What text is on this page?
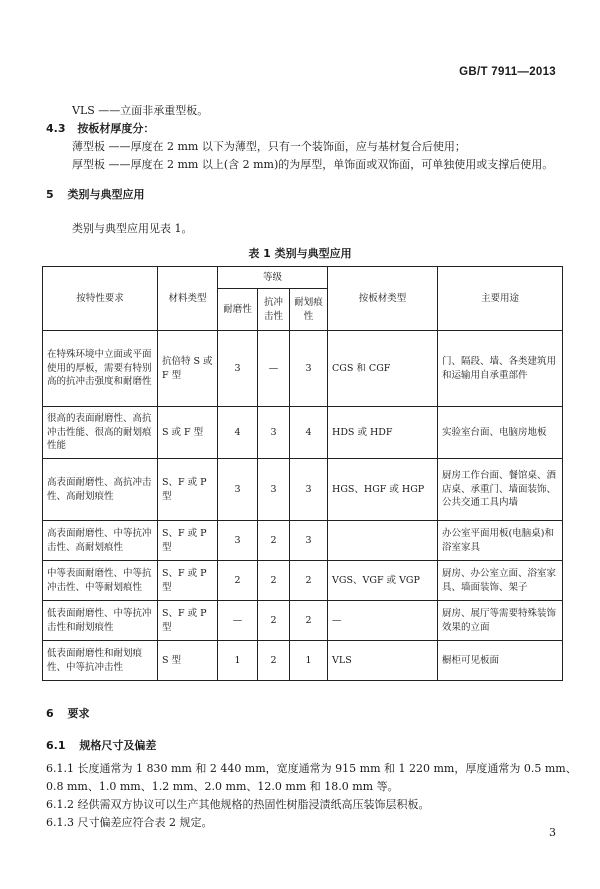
GB/T 7911—2013
VLS ——立面非承重型板。
4.3 按板材厚度分：
薄型板 ——厚度在 2 mm 以下为薄型，只有一个装饰面，应与基材复合后使用；
厚型板 ——厚度在 2 mm 以上(含 2 mm)的为厚型，单饰面或双饰面，可单独使用或支撑后使用。
5 类别与典型应用
类别与典型应用见表 1。
表 1 类别与典型应用
按特性要求	材料类型	等级			按板材类型	主要用途
		耐磨性	抗冲击性	耐划痕性		
在特殊环境中立面或平面使用的厚板，需要有特别高的抗冲击强度和耐磨性	抗倍特 S 或 F 型	3	—	3	CGS 和 CGF	门、隔段、墙、各类建筑用和运输用自承重部件
很高的表面耐磨性、高抗冲击性能、很高的耐划痕性能	S 或 F 型	4	3	4	HDS 或 HDF	实验室台面、电脑房地板
高表面耐磨性、高抗冲击性、高耐划痕性	S、F 或 P 型	3	3	3	HGS、HGF 或 HGP	厨房工作台面、餐馆桌、酒店桌、承重门、墙面装饰、公共交通工具内墙
高表面耐磨性、中等抗冲击性、高耐划痕性	S、F 或 P 型	3	2	3		办公室平面用板(电脑桌)和浴室家具
中等表面耐磨性、中等抗冲击性、中等耐划痕性	S、F 或 P 型	2	2	2	VGS、VGF 或 VGP	厨房、办公室立面、浴室家具、墙面装饰、架子
低表面耐磨性、中等抗冲击性和耐划痕性	S、F 或 P 型	—	2	2	—	厨房、展厅等需要特殊装饰效果的立面
低表面耐磨性和耐划痕性、中等抗冲击性	S 型	1	2	1	VLS	橱柜可见板面
6 要求
6.1 规格尺寸及偏差
6.1.1 长度通常为 1 830 mm 和 2 440 mm，宽度通常为 915 mm 和 1 220 mm，厚度通常为 0.5 mm、
0.8 mm、1.0 mm、1.2 mm、2.0 mm、12.0 mm 和 18.0 mm 等。
6.1.2 经供需双方协议可以生产其他规格的热固性树脂浸渍纸高压装饰层积板。
6.1.3 尺寸偏差应符合表 2 规定。
3
